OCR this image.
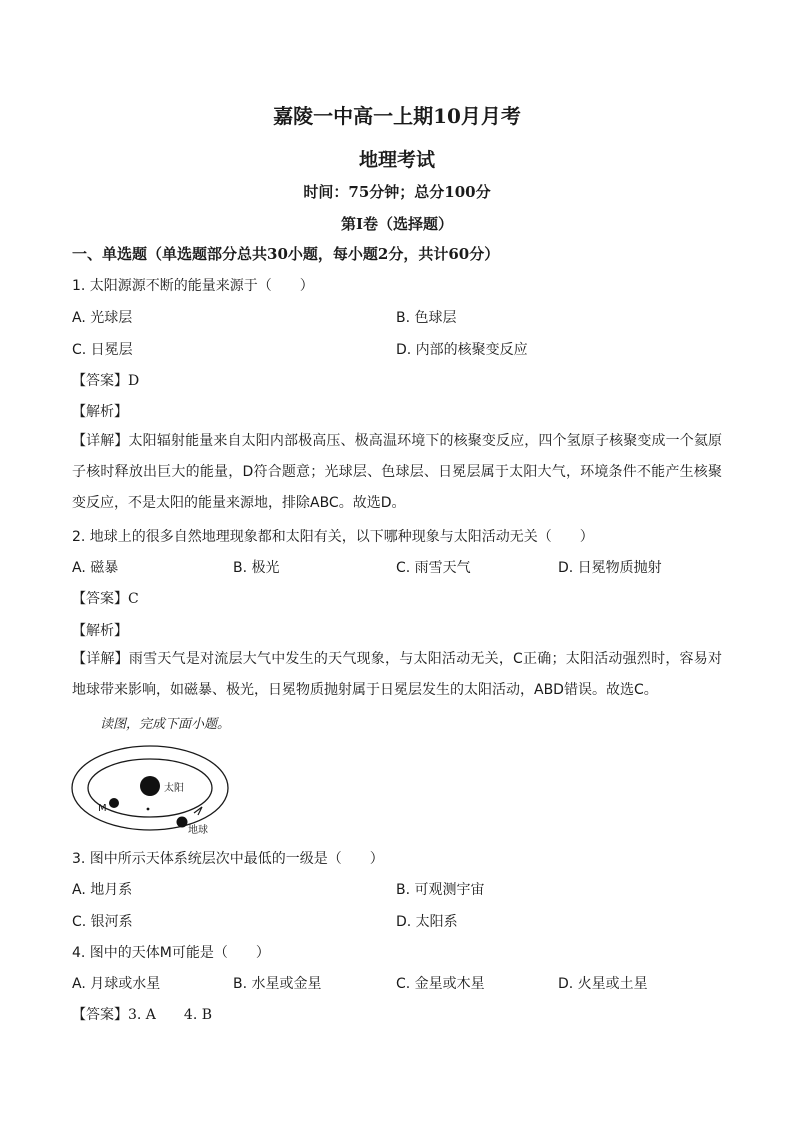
嘉陵一中高一上期10月月考
地理考试
时间：75分钟；总分100分
第I卷（选择题）
一、单选题（单选题部分总共30小题，每小题2分，共计60分）
1. 太阳源源不断的能量来源于（　　）
A. 光球层	B. 色球层
C. 日冕层	D. 内部的核聚变反应
【答案】D
【解析】
【详解】太阳辐射能量来自太阳内部极高压、极高温环境下的核聚变反应，四个氢原子核聚变成一个氦原子核时释放出巨大的能量，D符合题意；光球层、色球层、日冕层属于太阳大气，环境条件不能产生核聚变反应，不是太阳的能量来源地，排除ABC。故选D。
2. 地球上的很多自然地理现象都和太阳有关，以下哪种现象与太阳活动无关（　　）
A. 磁暴	B. 极光	C. 雨雪天气	D. 日冕物质抛射
【答案】C
【解析】
【详解】雨雪天气是对流层大气中发生的天气现象，与太阳活动无关，C正确；太阳活动强烈时，容易对地球带来影响，如磁暴、极光，日冕物质抛射属于日冕层发生的太阳活动，ABD错误。故选C。
读图，完成下面小题。
太阳
M
地球
3. 图中所示天体系统层次中最低的一级是（　　）
A. 地月系	B. 可观测宇宙
C. 银河系	D. 太阳系
4. 图中的天体M可能是（　　）
A. 月球或水星	B. 水星或金星	C. 金星或木星	D. 火星或土星
【答案】3. A　　4. B
